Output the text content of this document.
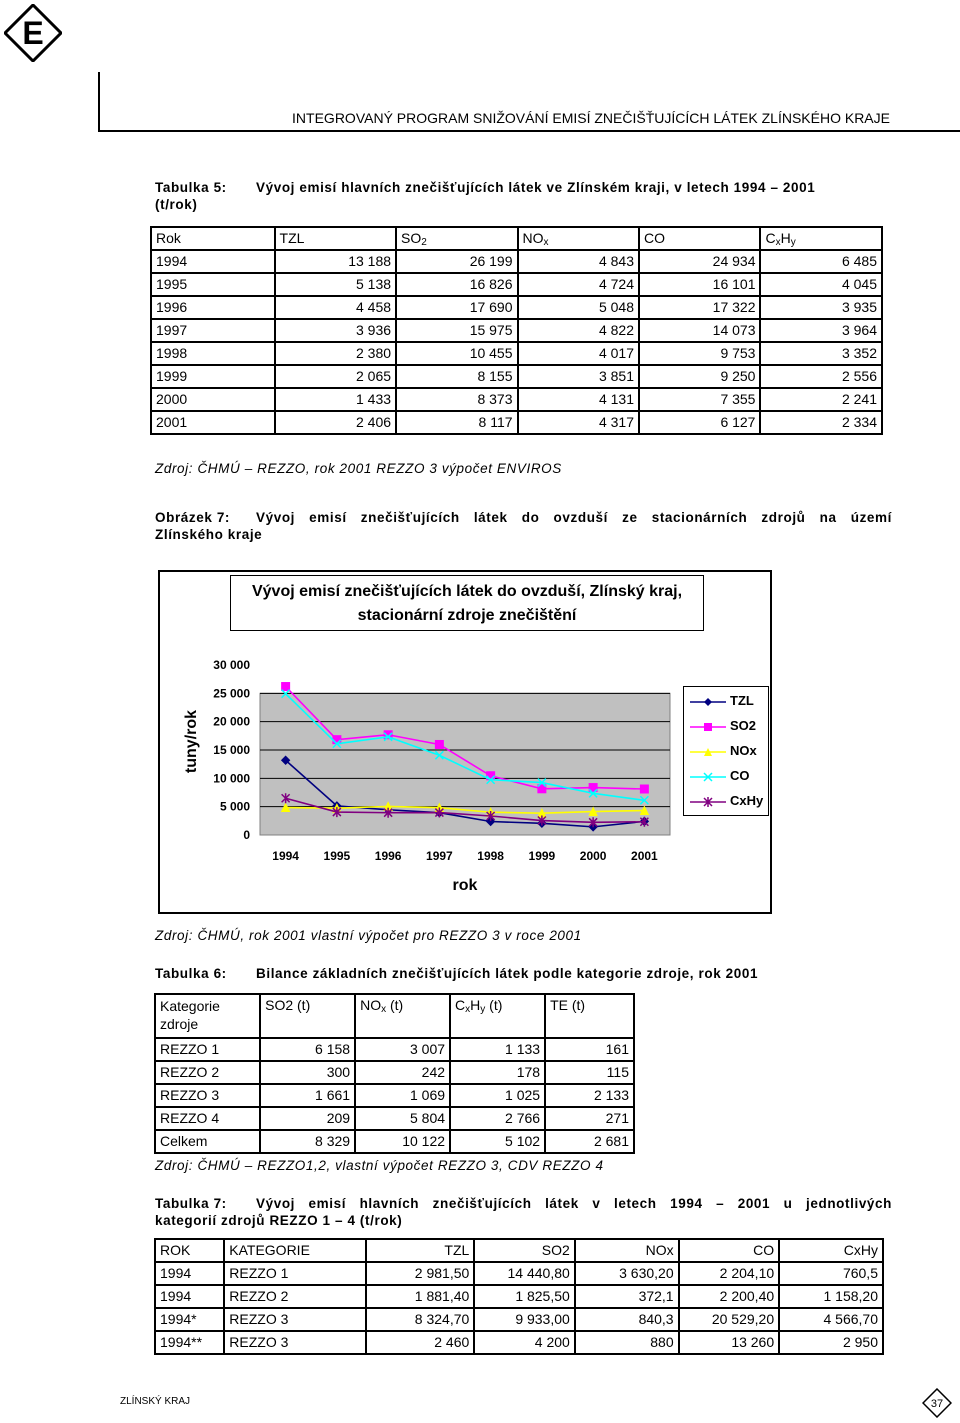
E
INTEGROVANÝ PROGRAM SNIŽOVÁNÍ EMISÍ ZNEČIŠŤUJÍCÍCH LÁTEK ZLÍNSKÉHO KRAJE
Tabulka 5: Vývoj emisí hlavních znečišťujících látek ve Zlínském kraji, v letech 1994 – 2001
(t/rok)
Rok	TZL	$SO_2$	$NO_x$	CO	$C_xH_y$
1994	13 188	26 199	4 843	24 934	6 485
1995	5 138	16 826	4 724	16 101	4 045
1996	4 458	17 690	5 048	17 322	3 935
1997	3 936	15 975	4 822	14 073	3 964
1998	2 380	10 455	4 017	9 753	3 352
1999	2 065	8 155	3 851	9 250	2 556
2000	1 433	8 373	4 131	7 355	2 241
2001	2 406	8 117	4 317	6 127	2 334
Zdroj: ČHMÚ – REZZO, rok 2001 REZZO 3 výpočet ENVIROS
Obrázek 7: Vývoj emisí znečišťujících látek do ovzduší ze stacionárních zdrojů na území
Zlínského kraje
Vývoj emisí znečišťujících látek do ovzduší, Zlínský kraj, stacionární zdroje znečištění
0
5 000
10 000
15 000
20 000
25 000
30 000
1994 1995 1996 1997 1998 1999 2000 2001
rok
tuny/rok
TZL
SO2
NOx
CO
CxHy
Zdroj: ČHMÚ, rok 2001 vlastní výpočet pro REZZO 3 v roce 2001
Tabulka 6: Bilance základních znečišťujících látek podle kategorie zdroje, rok 2001
Kategorie zdroje	SO2 (t)	$NO_x$ (t)	$C_xH_y$ (t)	TE (t)
REZZO 1	6 158	3 007	1 133	161
REZZO 2	300	242	178	115
REZZO 3	1 661	1 069	1 025	2 133
REZZO 4	209	5 804	2 766	271
Celkem	8 329	10 122	5 102	2 681
Zdroj: ČHMÚ – REZZO1,2, vlastní výpočet REZZO 3, CDV REZZO 4
Tabulka 7: Vývoj emisí hlavních znečišťujících látek v letech 1994 – 2001 u jednotlivých
kategorií zdrojů REZZO 1 – 4 (t/rok)
ROK	KATEGORIE	TZL	SO2	NOx	CO	CxHy
1994	REZZO 1	2 981,50	14 440,80	3 630,20	2 204,10	760,5
1994	REZZO 2	1 881,40	1 825,50	372,1	2 200,40	1 158,20
1994*	REZZO 3	8 324,70	9 933,00	840,3	20 529,20	4 566,70
1994**	REZZO 3	2 460	4 200	880	13 260	2 950
ZLÍNSKÝ KRAJ	37
